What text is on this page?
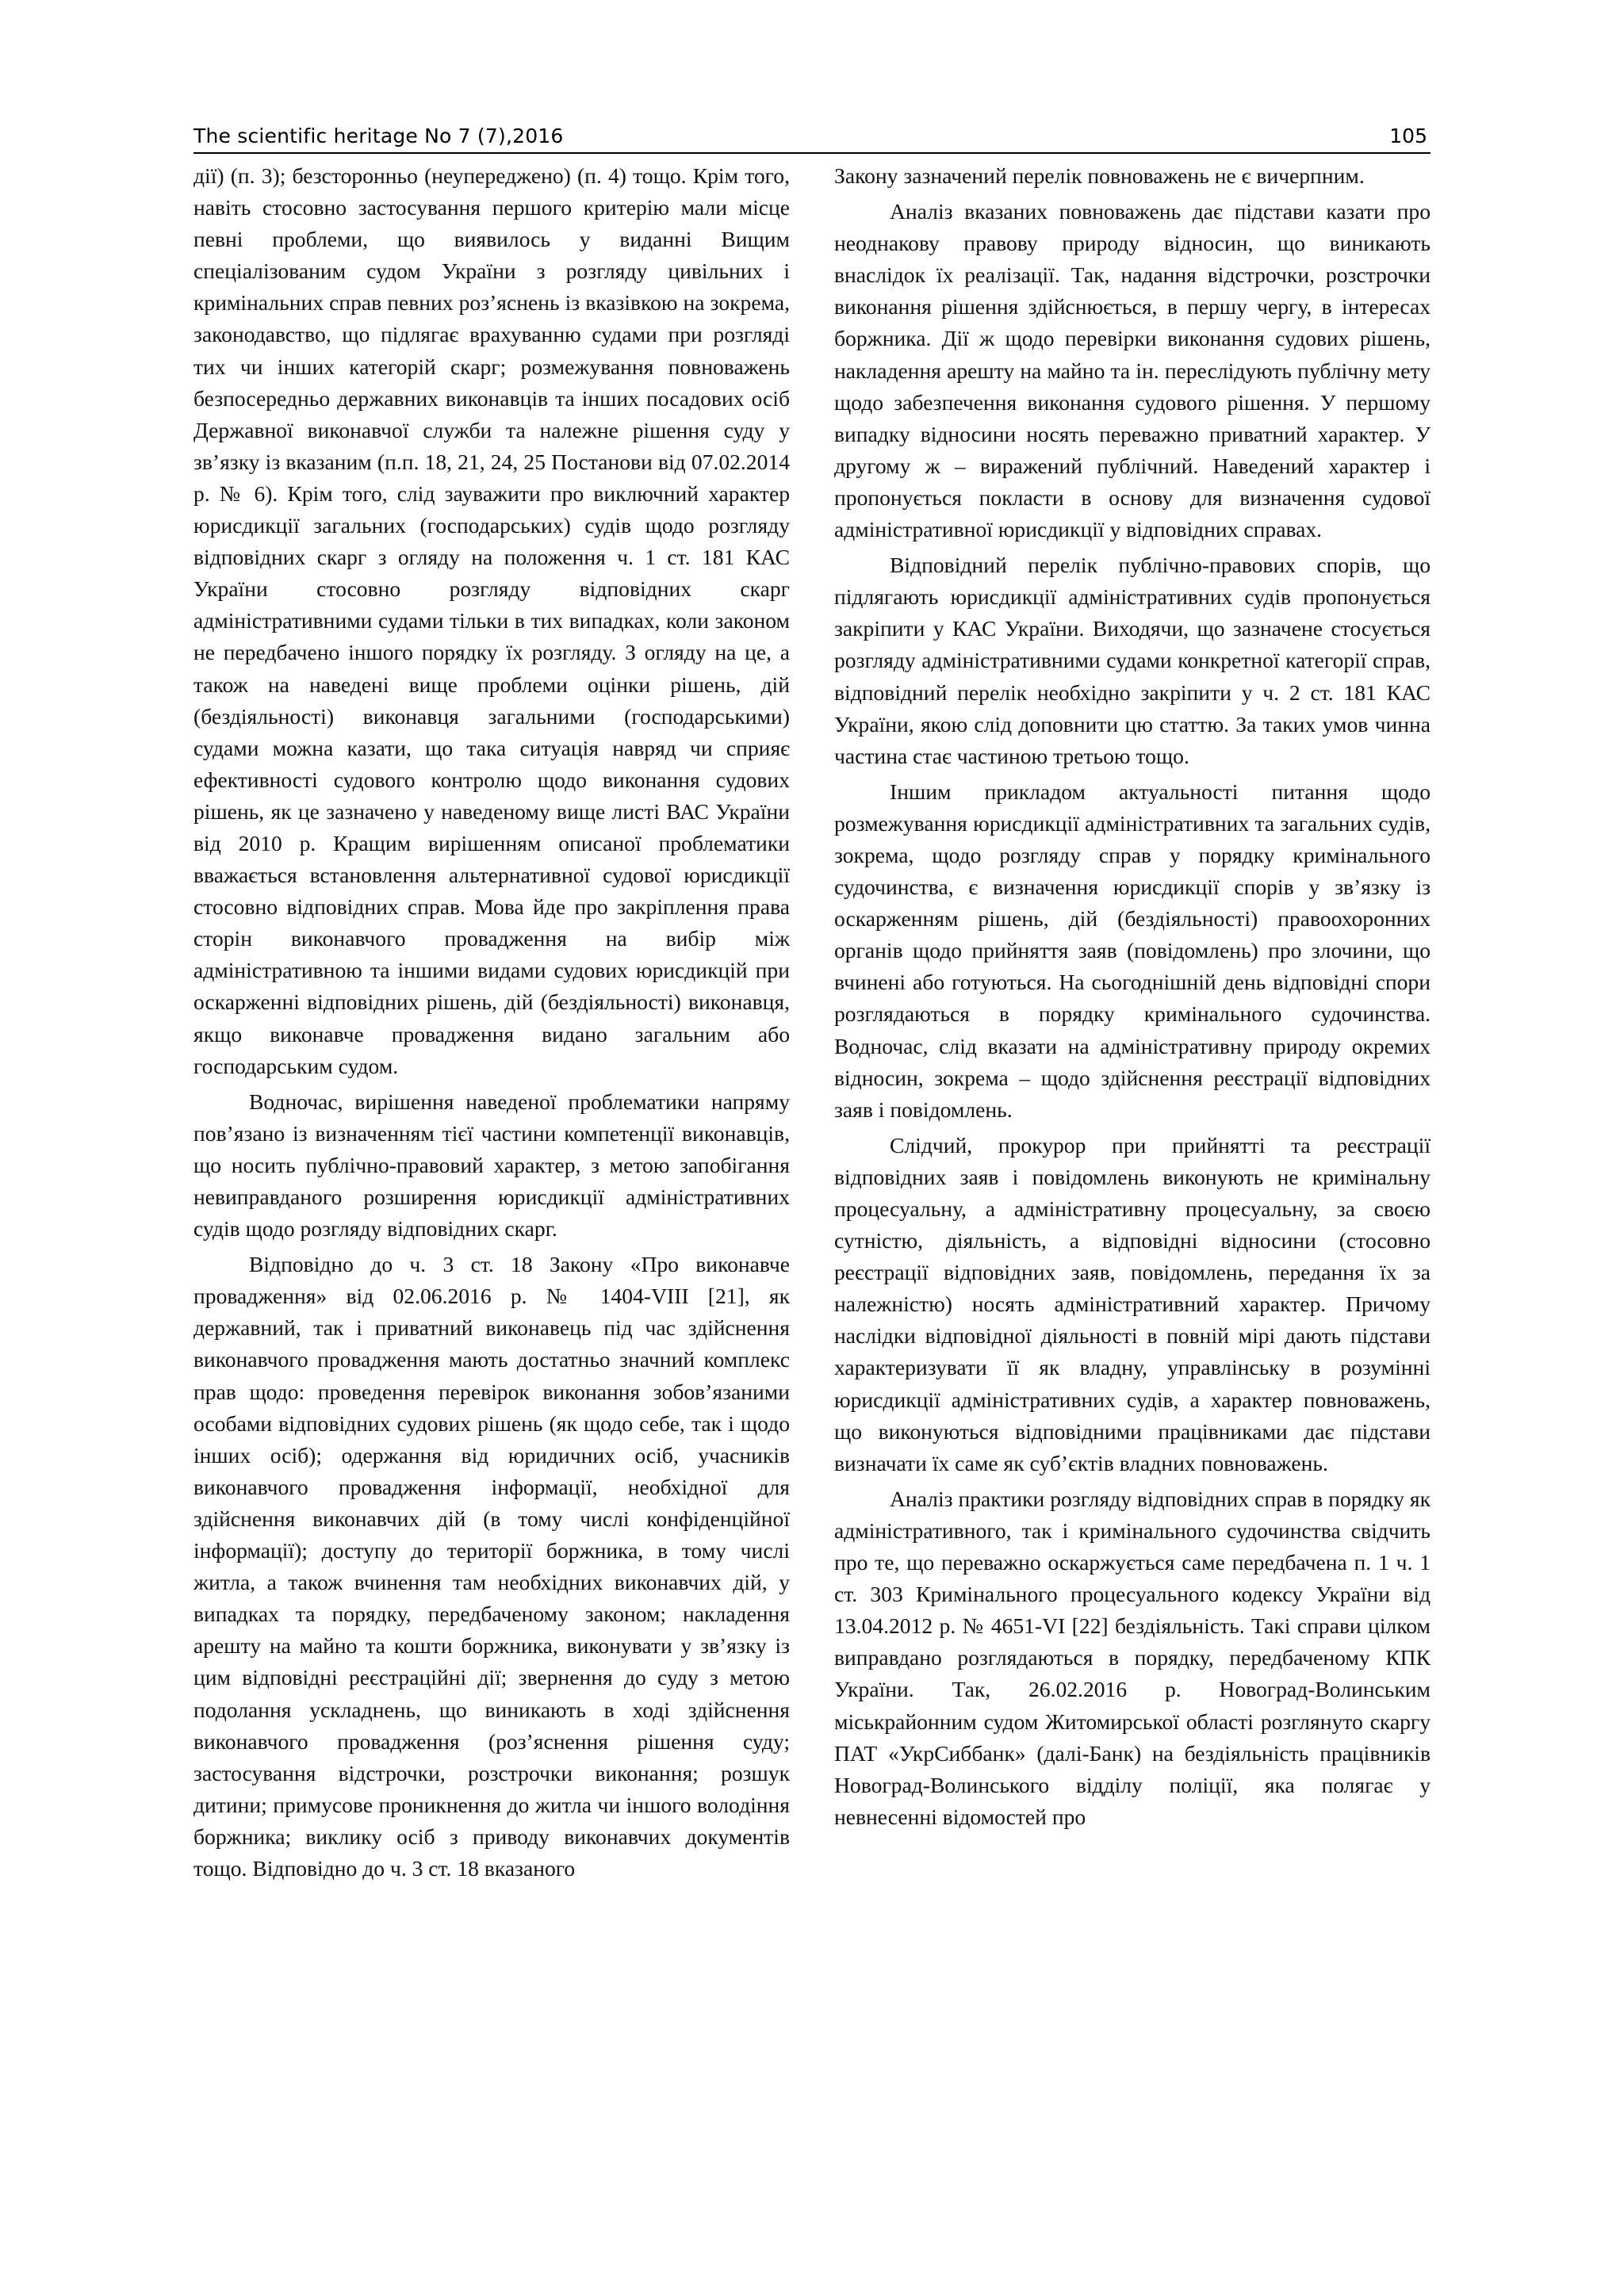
The scientific heritage No 7 (7),2016	105

дії) (п. 3); безсторонньо (неупереджено) (п. 4) тощо. Крім того, навіть стосовно застосування першого критерію мали місце певні проблеми, що виявилось у виданні Вищим спеціалізованим судом України з розгляду цивільних і кримінальних справ певних роз’яснень із вказівкою на зокрема, законодавство, що підлягає врахуванню судами при розгляді тих чи інших категорій скарг; розмежування повноважень безпосередньо державних виконавців та інших посадових осіб Державної виконавчої служби та належне рішення суду у зв’язку із вказаним (п.п. 18, 21, 24, 25 Постанови від 07.02.2014 р. № 6). Крім того, слід зауважити про виключний характер юрисдикції загальних (господарських) судів щодо розгляду відповідних скарг з огляду на положення ч. 1 ст. 181 КАС України стосовно розгляду відповідних скарг адміністративними судами тільки в тих випадках, коли законом не передбачено іншого порядку їх розгляду. З огляду на це, а також на наведені вище проблеми оцінки рішень, дій (бездіяльності) виконавця загальними (господарськими) судами можна казати, що така ситуація навряд чи сприяє ефективності судового контролю щодо виконання судових рішень, як це зазначено у наведеному вище листі ВАС України від 2010 р. Кращим вирішенням описаної проблематики вважається встановлення альтернативної судової юрисдикції стосовно відповідних справ. Мова йде про закріплення права сторін виконавчого провадження на вибір між адміністративною та іншими видами судових юрисдикцій при оскарженні відповідних рішень, дій (бездіяльності) виконавця, якщо виконавче провадження видано загальним або господарським судом.

Водночас, вирішення наведеної проблематики напряму пов’язано із визначенням тієї частини компетенції виконавців, що носить публічно-правовий характер, з метою запобігання невиправданого розширення юрисдикції адміністративних судів щодо розгляду відповідних скарг.

Відповідно до ч. 3 ст. 18 Закону «Про виконавче провадження» від 02.06.2016 р. № 1404-VIII [21], як державний, так і приватний виконавець під час здійснення виконавчого провадження мають достатньо значний комплекс прав щодо: проведення перевірок виконання зобов’язаними особами відповідних судових рішень (як щодо себе, так і щодо інших осіб); одержання від юридичних осіб, учасників виконавчого провадження інформації, необхідної для здійснення виконавчих дій (в тому числі конфіденційної інформації); доступу до території боржника, в тому числі житла, а також вчинення там необхідних виконавчих дій, у випадках та порядку, передбаченому законом; накладення арешту на майно та кошти боржника, виконувати у зв’язку із цим відповідні реєстраційні дії; звернення до суду з метою подолання ускладнень, що виникають в ході здійснення виконавчого провадження (роз’яснення рішення суду; застосування відстрочки, розстрочки виконання; розшук дитини; примусове проникнення до житла чи іншого володіння боржника; виклику осіб з приводу виконавчих документів тощо. Відповідно до ч. 3 ст. 18 вказаного

Закону зазначений перелік повноважень не є вичерпним.

Аналіз вказаних повноважень дає підстави казати про неоднакову правову природу відносин, що виникають внаслідок їх реалізації. Так, надання відстрочки, розстрочки виконання рішення здійснюється, в першу чергу, в інтересах боржника. Дії ж щодо перевірки виконання судових рішень, накладення арешту на майно та ін. переслідують публічну мету щодо забезпечення виконання судового рішення. У першому випадку відносини носять переважно приватний характер. У другому ж – виражений публічний. Наведений характер і пропонується покласти в основу для визначення судової адміністративної юрисдикції у відповідних справах.

Відповідний перелік публічно-правових спорів, що підлягають юрисдикції адміністративних судів пропонується закріпити у КАС України. Виходячи, що зазначене стосується розгляду адміністративними судами конкретної категорії справ, відповідний перелік необхідно закріпити у ч. 2 ст. 181 КАС України, якою слід доповнити цю статтю. За таких умов чинна частина стає частиною третьою тощо.

Іншим прикладом актуальності питання щодо розмежування юрисдикції адміністративних та загальних судів, зокрема, щодо розгляду справ у порядку кримінального судочинства, є визначення юрисдикції спорів у зв’язку із оскарженням рішень, дій (бездіяльності) правоохоронних органів щодо прийняття заяв (повідомлень) про злочини, що вчинені або готуються. На сьогоднішній день відповідні спори розглядаються в порядку кримінального судочинства. Водночас, слід вказати на адміністративну природу окремих відносин, зокрема – щодо здійснення реєстрації відповідних заяв і повідомлень.

Слідчий, прокурор при прийнятті та реєстрації відповідних заяв і повідомлень виконують не кримінальну процесуальну, а адміністративну процесуальну, за своєю сутністю, діяльність, а відповідні відносини (стосовно реєстрації відповідних заяв, повідомлень, передання їх за належністю) носять адміністративний характер. Причому наслідки відповідної діяльності в повній мірі дають підстави характеризувати її як владну, управлінську в розумінні юрисдикції адміністративних судів, а характер повноважень, що виконуються відповідними працівниками дає підстави визначати їх саме як суб’єктів владних повноважень.

Аналіз практики розгляду відповідних справ в порядку як адміністративного, так і кримінального судочинства свідчить про те, що переважно оскаржується саме передбачена п. 1 ч. 1 ст. 303 Кримінального процесуального кодексу України від 13.04.2012 р. № 4651-VI [22] бездіяльність. Такі справи цілком виправдано розглядаються в порядку, передбаченому КПК України. Так, 26.02.2016 р. Новоград-Волинським міськрайонним судом Житомирської області розглянуто скаргу ПАТ «УкрСиббанк» (далі-Банк) на бездіяльність працівників Новоград-Волинського відділу поліції, яка полягає у невнесенні відомостей про
